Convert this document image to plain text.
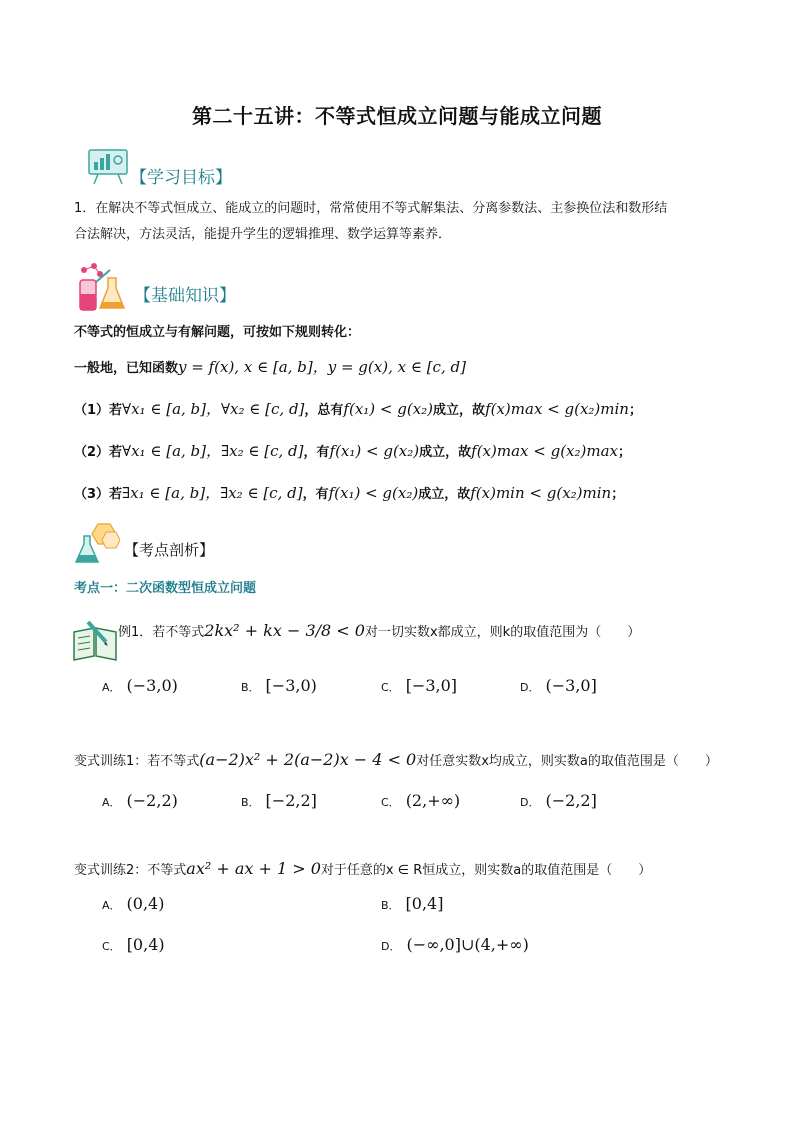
第二十五讲：不等式恒成立问题与能成立问题
【学习目标】
1．在解决不等式恒成立、能成立的问题时，常常使用不等式解集法、分离参数法、主参换位法和数形结
合法解决，方法灵活，能提升学生的逻辑推理、数学运算等素养．
【基础知识】
不等式的恒成立与有解问题，可按如下规则转化：
一般地，已知函数y = f(x), x ∈ [a, b]，y = g(x), x ∈ [c, d]
（1）若∀x₁ ∈ [a, b]，∀x₂ ∈ [c, d]，总有f(x₁) < g(x₂)成立，故f(x)max < g(x₂)min；
（2）若∀x₁ ∈ [a, b]，∃x₂ ∈ [c, d]，有f(x₁) < g(x₂)成立，故f(x)max < g(x₂)max；
（3）若∃x₁ ∈ [a, b]，∃x₂ ∈ [c, d]，有f(x₁) < g(x₂)成立，故f(x)min < g(x₂)min；
【考点剖析】
考点一：二次函数型恒成立问题
例1．若不等式2kx² + kx − 3/8 < 0对一切实数x都成立，则k的取值范围为（　　）
A． (−3,0)	B． [−3,0)	C． [−3,0]	D． (−3,0]
变式训练1：若不等式(a−2)x² + 2(a−2)x − 4 < 0对任意实数x均成立，则实数a的取值范围是（　　）
A． (−2,2)	B． [−2,2]	C． (2,+∞)	D． (−2,2]
变式训练2：不等式ax² + ax + 1 > 0对于任意的x ∈ R恒成立，则实数a的取值范围是（　　）
A． (0,4)	B． [0,4]
C． [0,4)	D． (−∞,0]∪(4,+∞)
